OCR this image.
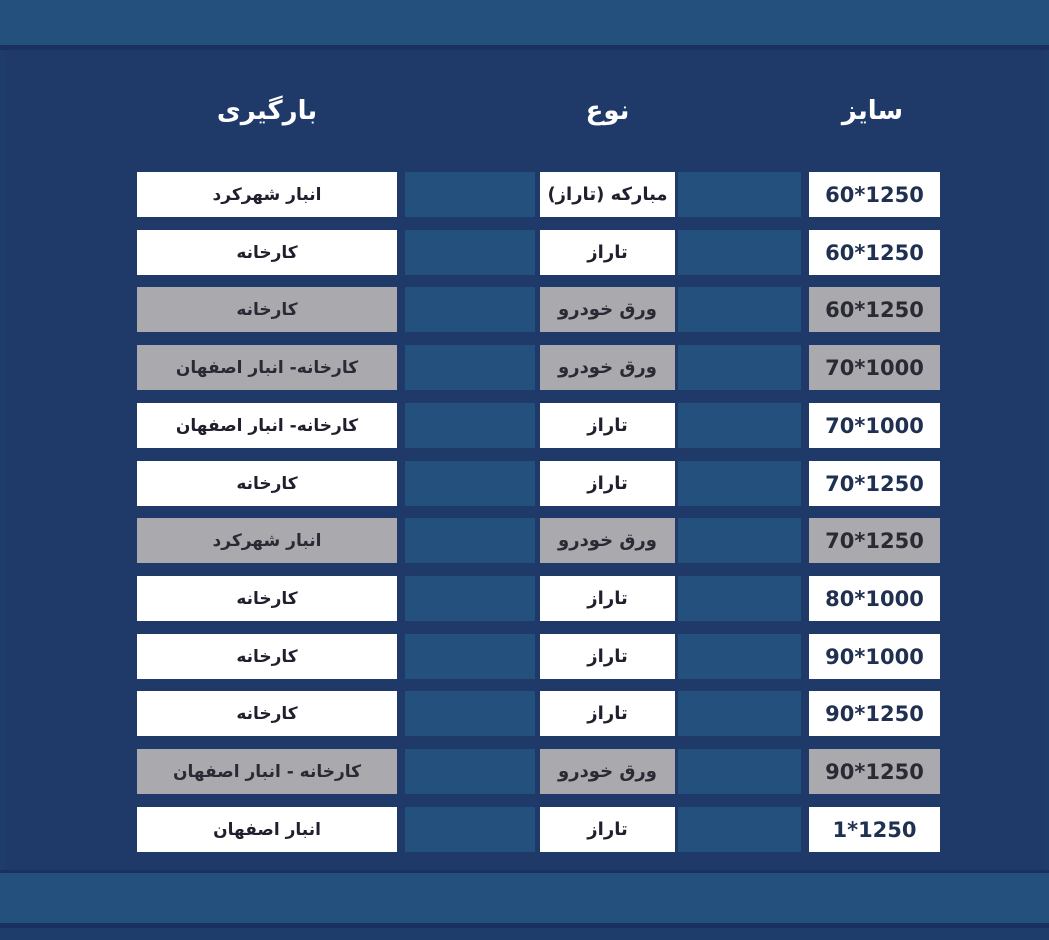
سایز
نوع
بارگیری
60*1250
مبارکه (تاراز)
انبار شهرکرد
60*1250
تاراز
کارخانه
60*1250
ورق خودرو
کارخانه
70*1000
ورق خودرو
کارخانه- انبار اصفهان
70*1000
تاراز
کارخانه- انبار اصفهان
70*1250
تاراز
کارخانه
70*1250
ورق خودرو
انبار شهرکرد
80*1000
تاراز
کارخانه
90*1000
تاراز
کارخانه
90*1250
تاراز
کارخانه
90*1250
ورق خودرو
کارخانه - انبار اصفهان
1*1250
تاراز
انبار اصفهان
